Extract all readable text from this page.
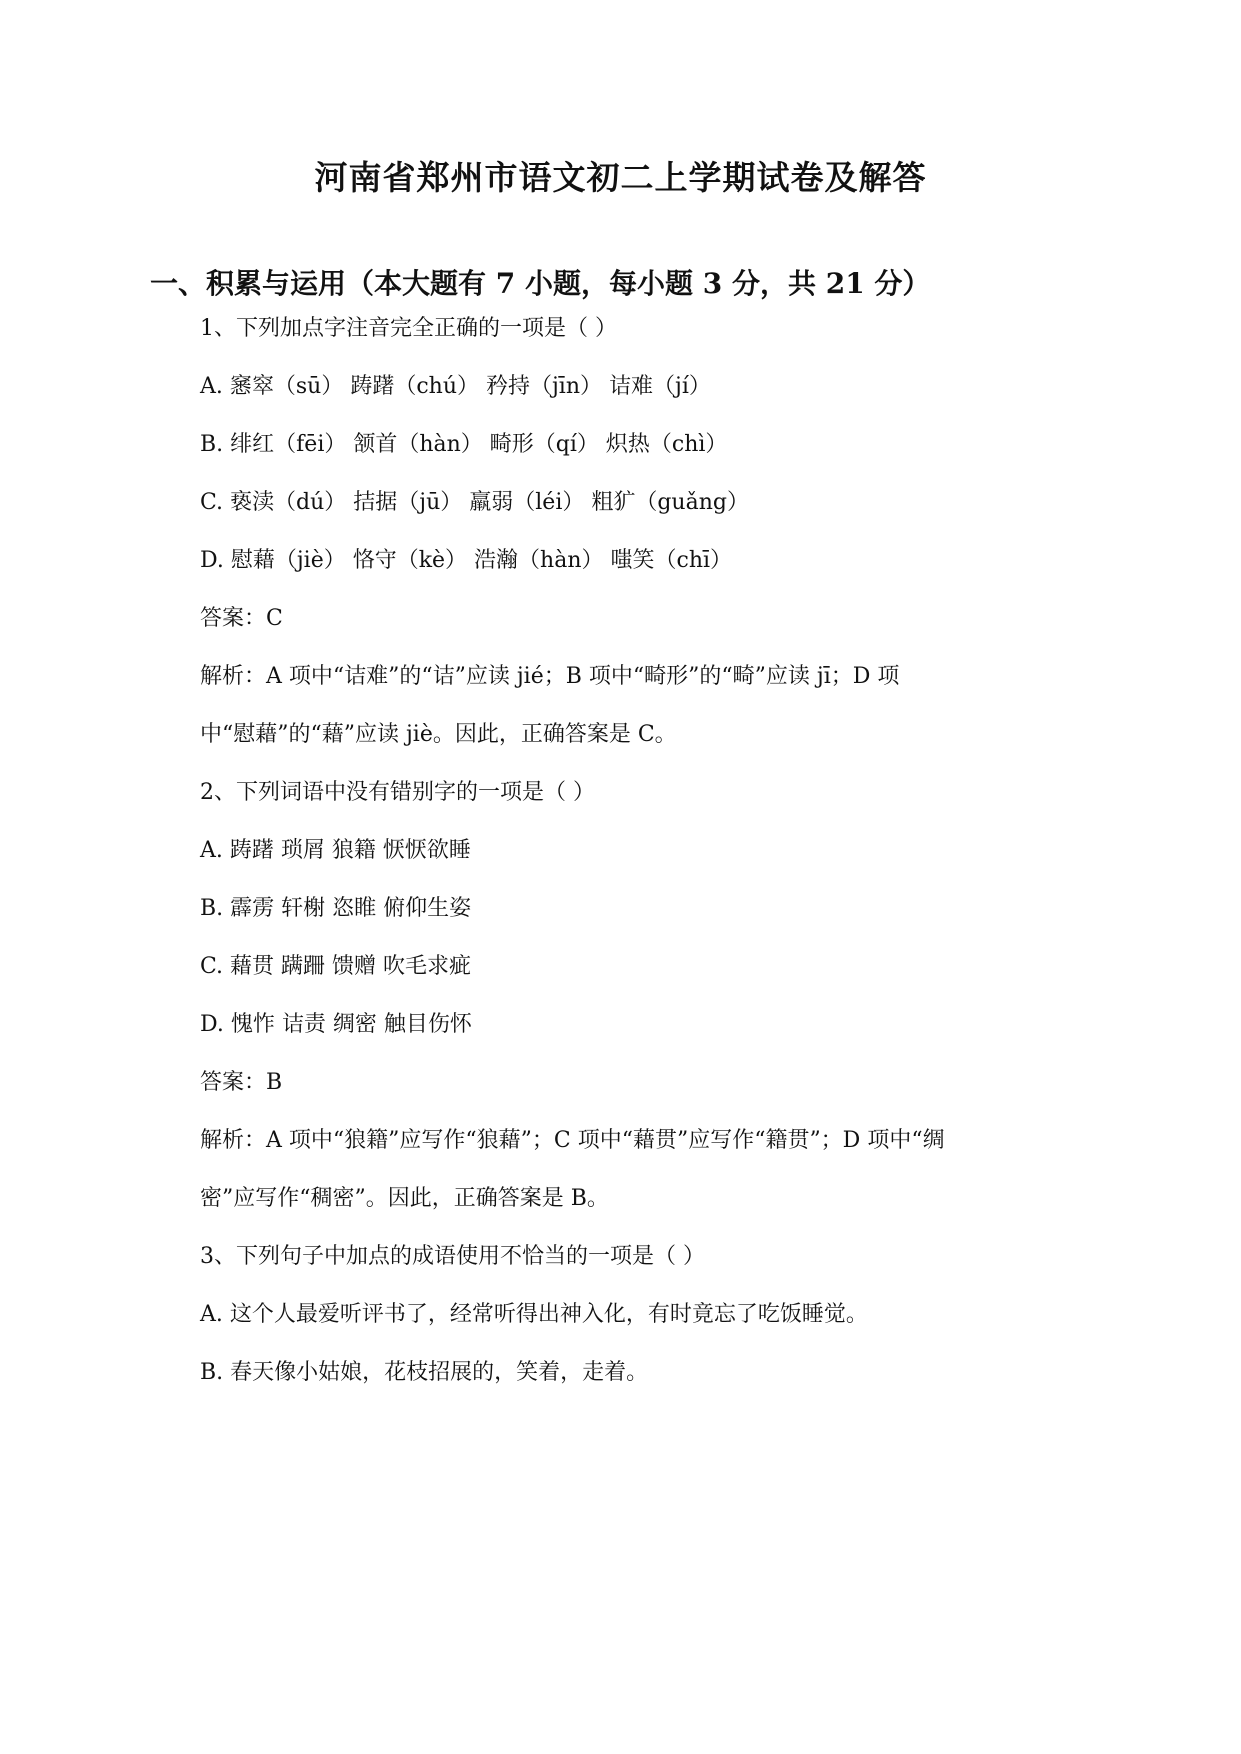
河南省郑州市语文初二上学期试卷及解答
一、积累与运用（本大题有 7 小题，每小题 3 分，共 21 分）
1、下列加点字注音完全正确的一项是（ ）
A. 窸窣（sū） 踌躇（chú） 矜持（jīn） 诘难（jí）
B. 绯红（fēi） 颔首（hàn） 畸形（qí） 炽热（chì）
C. 亵渎（dú） 拮据（jū） 羸弱（léi） 粗犷（guǎng）
D. 慰藉（jiè） 恪守（kè） 浩瀚（hàn） 嗤笑（chī）
答案：C
解析：A 项中“诘难”的“诘”应读 jié；B 项中“畸形”的“畸”应读 jī；D 项
中“慰藉”的“藉”应读 jiè。因此，正确答案是 C。
2、下列词语中没有错别字的一项是（ ）
A. 踌躇 琐屑 狼籍 恹恹欲睡
B. 霹雳 轩榭 恣睢 俯仰生姿
C. 藉贯 蹒跚 馈赠 吹毛求疵
D. 愧怍 诘责 绸密 触目伤怀
答案：B
解析：A 项中“狼籍”应写作“狼藉”；C 项中“藉贯”应写作“籍贯”；D 项中“绸
密”应写作“稠密”。因此，正确答案是 B。
3、下列句子中加点的成语使用不恰当的一项是（ ）
A. 这个人最爱听评书了，经常听得出神入化，有时竟忘了吃饭睡觉。
B. 春天像小姑娘，花枝招展的，笑着，走着。
